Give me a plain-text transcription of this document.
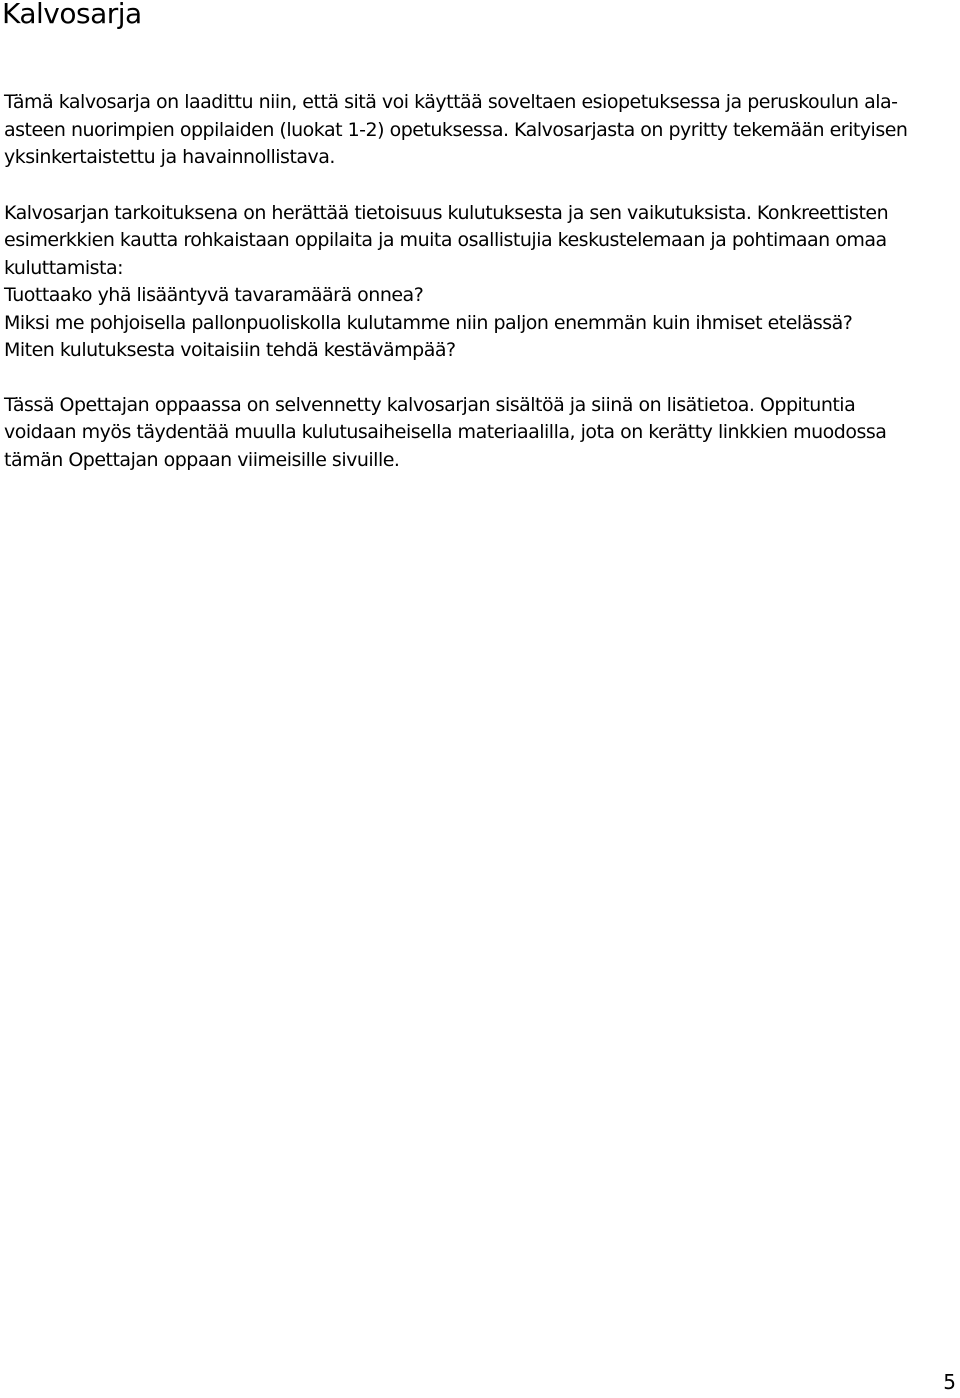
Kalvosarja

Tämä kalvosarja on laadittu niin, että sitä voi käyttää soveltaen esiopetuksessa ja peruskoulun ala-
asteen nuorimpien oppilaiden (luokat 1-2) opetuksessa. Kalvosarjasta on pyritty tekemään erityisen
yksinkertaistettu ja havainnollistava.

Kalvosarjan tarkoituksena on herättää tietoisuus kulutuksesta ja sen vaikutuksista. Konkreettisten
esimerkkien kautta rohkaistaan oppilaita ja muita osallistujia keskustelemaan ja pohtimaan omaa
kuluttamista:
Tuottaako yhä lisääntyvä tavaramäärä onnea?
Miksi me pohjoisella pallonpuoliskolla kulutamme niin paljon enemmän kuin ihmiset etelässä?
Miten kulutuksesta voitaisiin tehdä kestävämpää?

Tässä Opettajan oppaassa on selvennetty kalvosarjan sisältöä ja siinä on lisätietoa. Oppituntia
voidaan myös täydentää muulla kulutusaiheisella materiaalilla, jota on kerätty linkkien muodossa
tämän Opettajan oppaan viimeisille sivuille.

5
